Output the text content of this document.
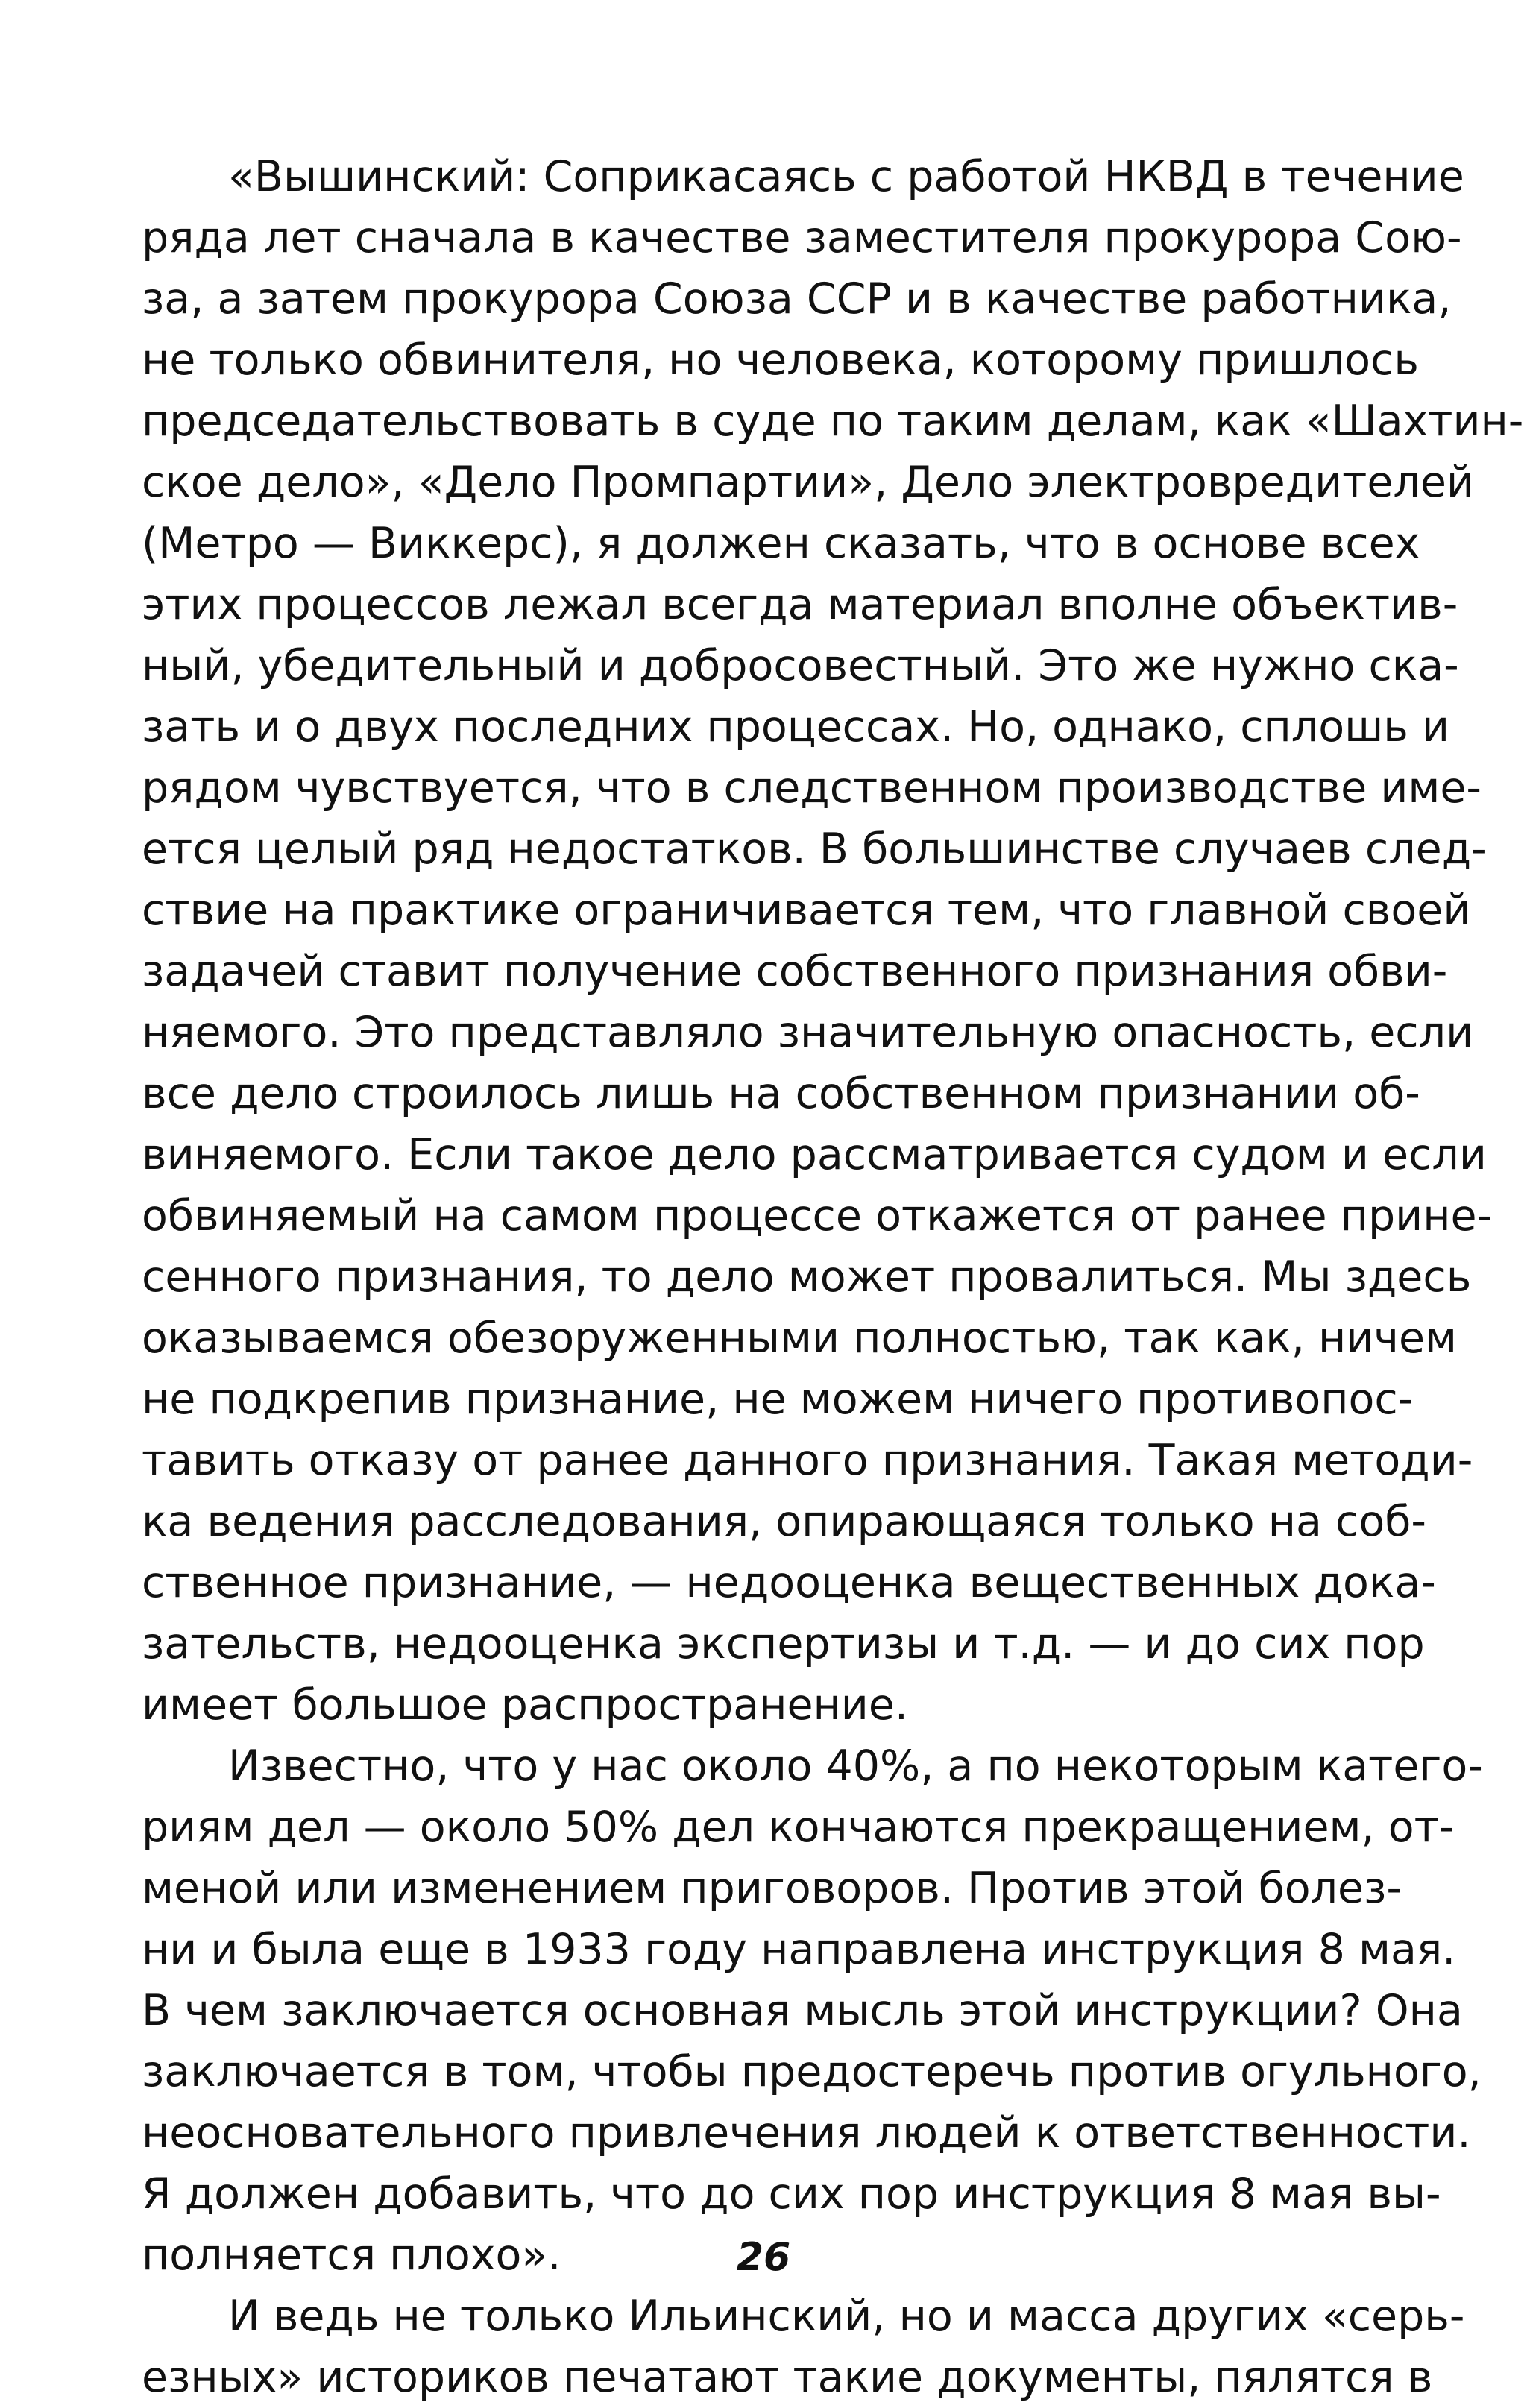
«Вышинский: Соприкасаясь с работой НКВД в течение
ряда лет сначала в качестве заместителя прокурора Сою-
за, а затем прокурора Союза ССР и в качестве работника,
не только обвинителя, но человека, которому пришлось
председательствовать в суде по таким делам, как «Шахтин-
ское дело», «Дело Промпартии», Дело электровредителей
(Метро — Виккерс), я должен сказать, что в основе всех
этих процессов лежал всегда материал вполне объектив-
ный, убедительный и добросовестный. Это же нужно ска-
зать и о двух последних процессах. Но, однако, сплошь и
рядом чувствуется, что в следственном производстве име-
ется целый ряд недостатков. В большинстве случаев след-
ствие на практике ограничивается тем, что главной своей
задачей ставит получение собственного признания обви-
няемого. Это представляло значительную опасность, если
все дело строилось лишь на собственном признании об-
виняемого. Если такое дело рассматривается судом и если
обвиняемый на самом процессе откажется от ранее прине-
сенного признания, то дело может провалиться. Мы здесь
оказываемся обезоруженными полностью, так как, ничем
не подкрепив признание, не можем ничего противопос-
тавить отказу от ранее данного признания. Такая методи-
ка ведения расследования, опирающаяся только на соб-
ственное признание, — недооценка вещественных дока-
зательств, недооценка экспертизы и т.д. — и до сих пор
имеет большое распространение.
Известно, что у нас около 40%, а по некоторым катего-
риям дел — около 50% дел кончаются прекращением, от-
меной или изменением приговоров. Против этой болез-
ни и была еще в 1933 году направлена инструкция 8 мая.
В чем заключается основная мысль этой инструкции? Она
заключается в том, чтобы предостеречь против огульного,
неосновательного привлечения людей к ответственности.
Я должен добавить, что до сих пор инструкция 8 мая вы-
полняется плохо».
И ведь не только Ильинский, но и масса других «серь-
езных» историков печатают такие документы, пялятся в
26
